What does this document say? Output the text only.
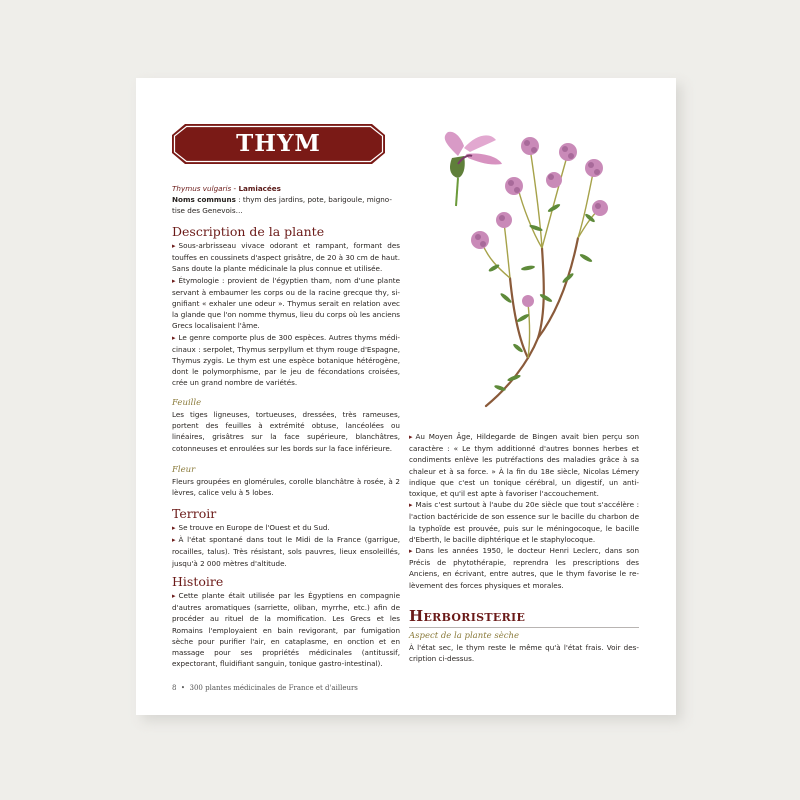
THYM
Thymus vulgaris - Lamiacées

Noms communs : thym des jardins, pote, barigoule, migno-tise des Genevois…

Description de la plante

▸ Sous-arbrisseau vivace odorant et rampant, formant des touffes en coussinets d'aspect grisâtre, de 20 à 30 cm de haut. Sans doute la plante médicinale la plus connue et utilisée.

▸ Étymologie : provient de l'égyptien tham, nom d'une plante servant à embaumer les corps ou de la racine grecque thy, si-gnifiant « exhaler une odeur ». Thymus serait en relation avec la glande que l'on nomme thymus, lieu du corps où les anciens Grecs localisaient l'âme.

▸ Le genre comporte plus de 300 espèces. Autres thyms médi-cinaux : serpolet, Thymus serpyllum et thym rouge d'Espagne, Thymus zygis. Le thym est une espèce botanique hétérogène, dont le polymorphisme, par le jeu de fécondations croisées, crée un grand nombre de variétés.

Feuille

Les tiges ligneuses, tortueuses, dressées, très rameuses, portent des feuilles à extrémité obtuse, lancéolées ou linéaires, grisâtres sur la face supérieure, blanchâtres, cotonneuses et enroulées sur les bords sur la face inférieure.

Fleur

Fleurs groupées en glomérules, corolle blanchâtre à rosée, à 2 lèvres, calice velu à 5 lobes.

Terroir

▸ Se trouve en Europe de l'Ouest et du Sud.

▸ À l'état spontané dans tout le Midi de la France (garrigue, rocailles, talus). Très résistant, sols pauvres, lieux ensoleillés, jusqu'à 2 000 mètres d'altitude.

Histoire

▸ Cette plante était utilisée par les Égyptiens en compagnie d'autres aromatiques (sarriette, oliban, myrrhe, etc.) afin de procéder au rituel de la momification. Les Grecs et les Romains l'employaient en bain revigorant, par fumigation sèche pour purifier l'air, en cataplasme, en onction et en massage pour ses propriétés médicinales (antitussif, expectorant, fluidifiant sanguin, tonique gastro-intestinal).

▸ Au Moyen Âge, Hildegarde de Bingen avait bien perçu son caractère : « Le thym additionné d'autres bonnes herbes et condiments enlève les putréfactions des maladies grâce à sa chaleur et à sa force. » À la fin du 18e siècle, Nicolas Lémery indique que c'est un tonique cérébral, un digestif, un anti-toxique, et qu'il est apte à favoriser l'accouchement.

▸ Mais c'est surtout à l'aube du 20e siècle que tout s'accélère : l'action bactéricide de son essence sur le bacille du charbon de la typhoïde est prouvée, puis sur le méningocoque, le bacille d'Eberth, le bacille diphtérique et le staphylocoque.

▸ Dans les années 1950, le docteur Henri Leclerc, dans son Précis de phytothérapie, reprendra les prescriptions des Anciens, en écrivant, entre autres, que le thym favorise le re-lèvement des forces physiques et morales.

HERBORISTERIE
Aspect de la plante sèche

À l'état sec, le thym reste le même qu'à l'état frais. Voir des-cription ci-dessus.

8 • 300 plantes médicinales de France et d'ailleurs
